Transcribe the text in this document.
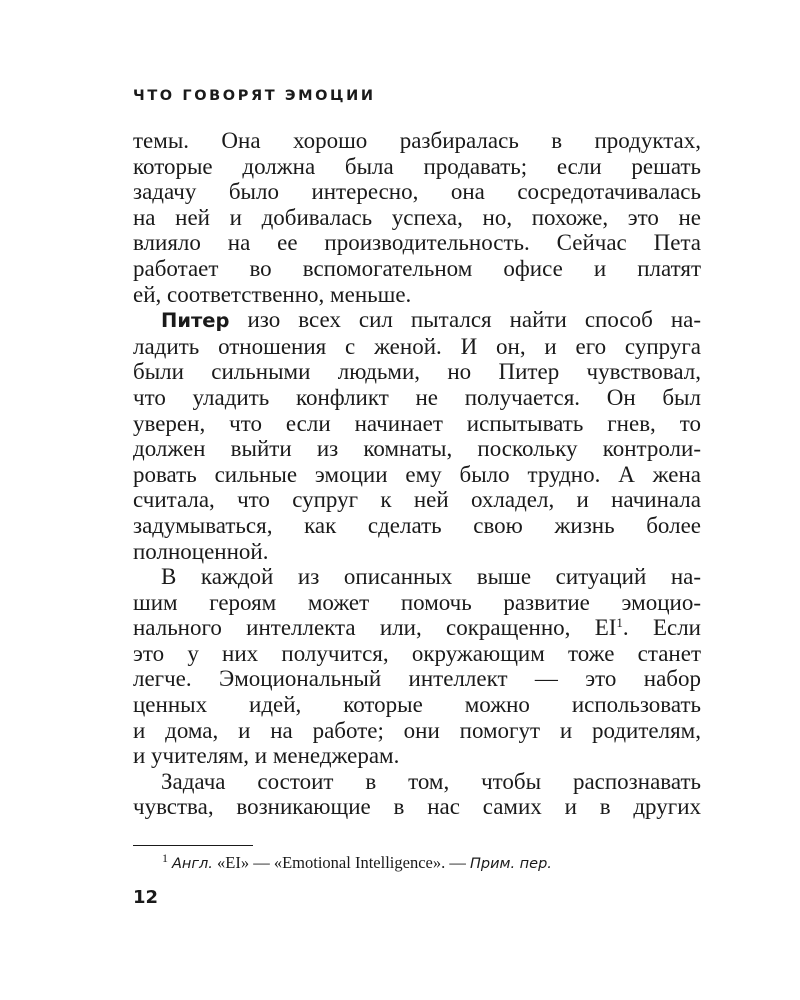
ЧТО ГОВОРЯТ ЭМОЦИИ
темы. Она хорошо разбиралась в продуктах,
которые должна была продавать; если решать
задачу было интересно, она сосредотачивалась
на ней и добивалась успеха, но, похоже, это не
влияло на ее производительность. Сейчас Пета
работает во вспомогательном офисе и платят
ей, соответственно, меньше.
Питер изо всех сил пытался найти способ на-
ладить отношения с женой. И он, и его супруга
были сильными людьми, но Питер чувствовал,
что уладить конфликт не получается. Он был
уверен, что если начинает испытывать гнев, то
должен выйти из комнаты, поскольку контроли-
ровать сильные эмоции ему было трудно. А жена
считала, что супруг к ней охладел, и начинала
задумываться, как сделать свою жизнь более
полноценной.
В каждой из описанных выше ситуаций на-
шим героям может помочь развитие эмоцио-
нального интеллекта или, сокращенно, $EI^1$. Если
это у них получится, окружающим тоже станет
легче. Эмоциональный интеллект — это набор
ценных идей, которые можно использовать
и дома, и на работе; они помогут и родителям,
и учителям, и менеджерам.
Задача состоит в том, чтобы распознавать
чувства, возникающие в нас самих и в других
$^1$ Англ. «EI» — «Emotional Intelligence». — Прим. пер.
12
